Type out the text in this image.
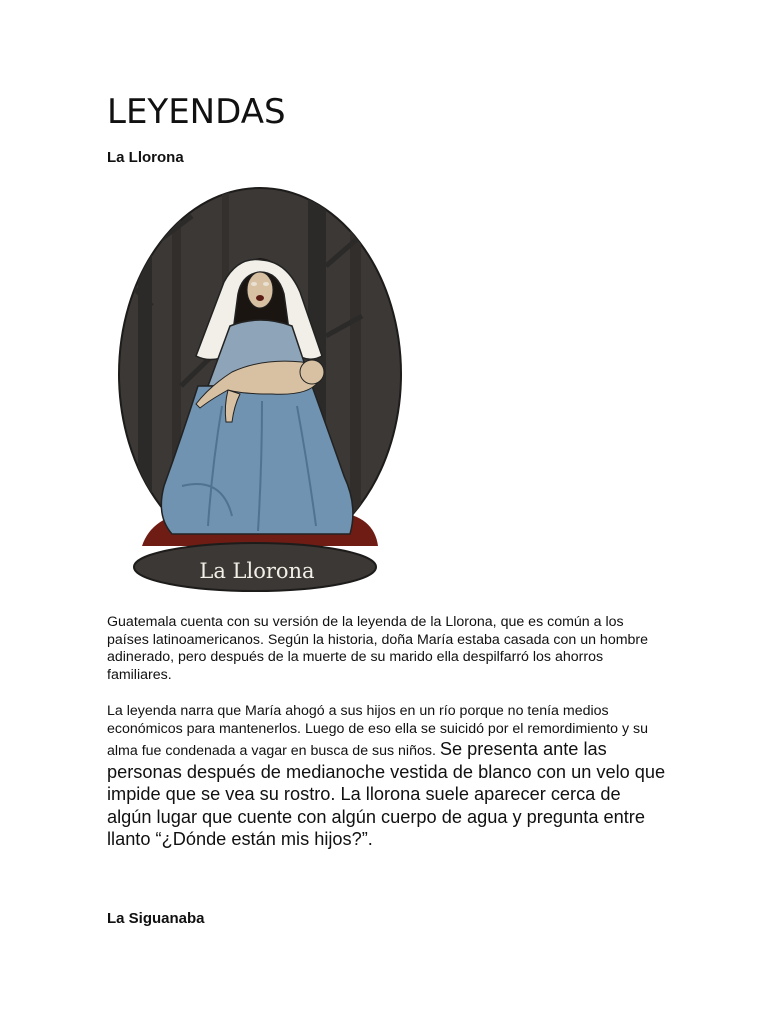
LEYENDAS
La Llorona
La Llorona

Guatemala cuenta con su versión de la leyenda de la Llorona, que es común a los países latinoamericanos. Según la historia, doña María estaba casada con un hombre adinerado, pero después de la muerte de su marido ella despilfarró los ahorros familiares.

La leyenda narra que María ahogó a sus hijos en un río porque no tenía medios económicos para mantenerlos. Luego de eso ella se suicidó por el remordimiento y su alma fue condenada a vagar en busca de sus niños. Se presenta ante las personas después de medianoche vestida de blanco con un velo que impide que se vea su rostro. La llorona suele aparecer cerca de algún lugar que cuente con algún cuerpo de agua y pregunta entre llanto “¿Dónde están mis hijos?”.

La Siguanaba
